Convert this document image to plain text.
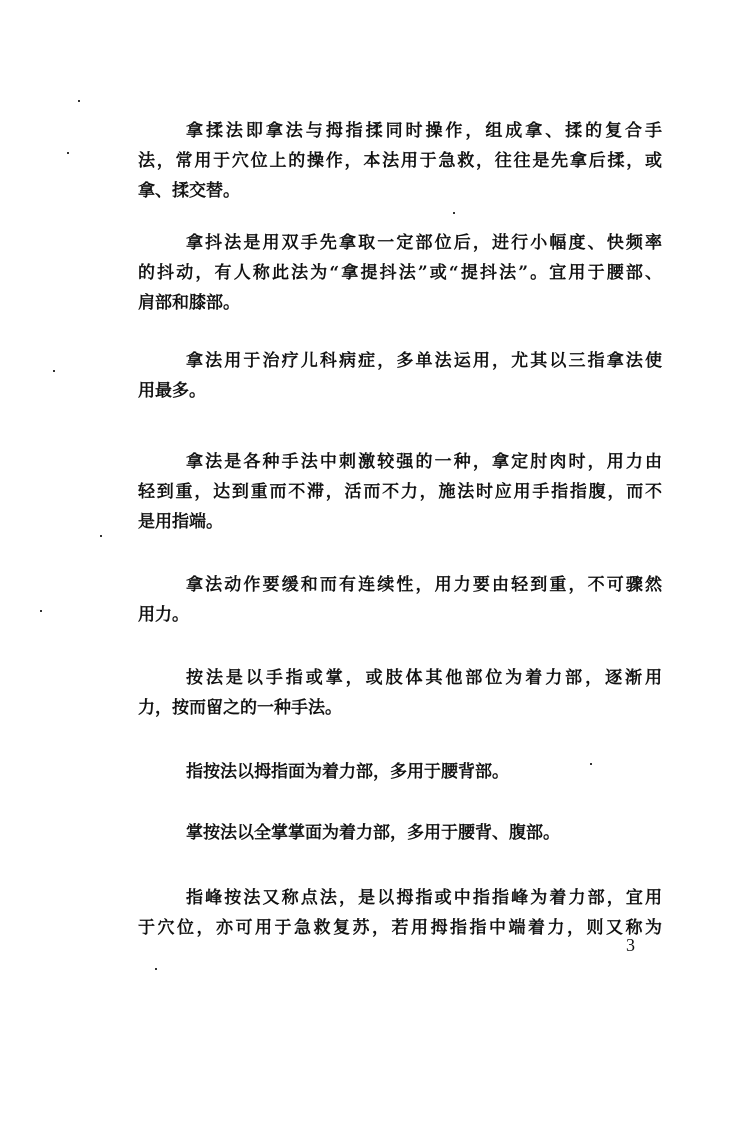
拿揉法即拿法与拇指揉同时操作，组成拿、揉的复合手
法，常用于穴位上的操作，本法用于急救，往往是先拿后揉，或
拿、揉交替。
拿抖法是用双手先拿取一定部位后，进行小幅度、快频率
的抖动，有人称此法为“拿提抖法”或“提抖法”。宜用于腰部、
肩部和膝部。
拿法用于治疗儿科病症，多单法运用，尤其以三指拿法使
用最多。
拿法是各种手法中刺激较强的一种，拿定肘肉时，用力由
轻到重，达到重而不滞，活而不力，施法时应用手指指腹，而不
是用指端。
拿法动作要缓和而有连续性，用力要由轻到重，不可骤然
用力。
按法是以手指或掌，或肢体其他部位为着力部，逐渐用
力，按而留之的一种手法。
指按法以拇指面为着力部，多用于腰背部。
掌按法以全掌掌面为着力部，多用于腰背、腹部。
指峰按法又称点法，是以拇指或中指指峰为着力部，宜用
于穴位，亦可用于急救复苏，若用拇指指中端着力，则又称为
3
